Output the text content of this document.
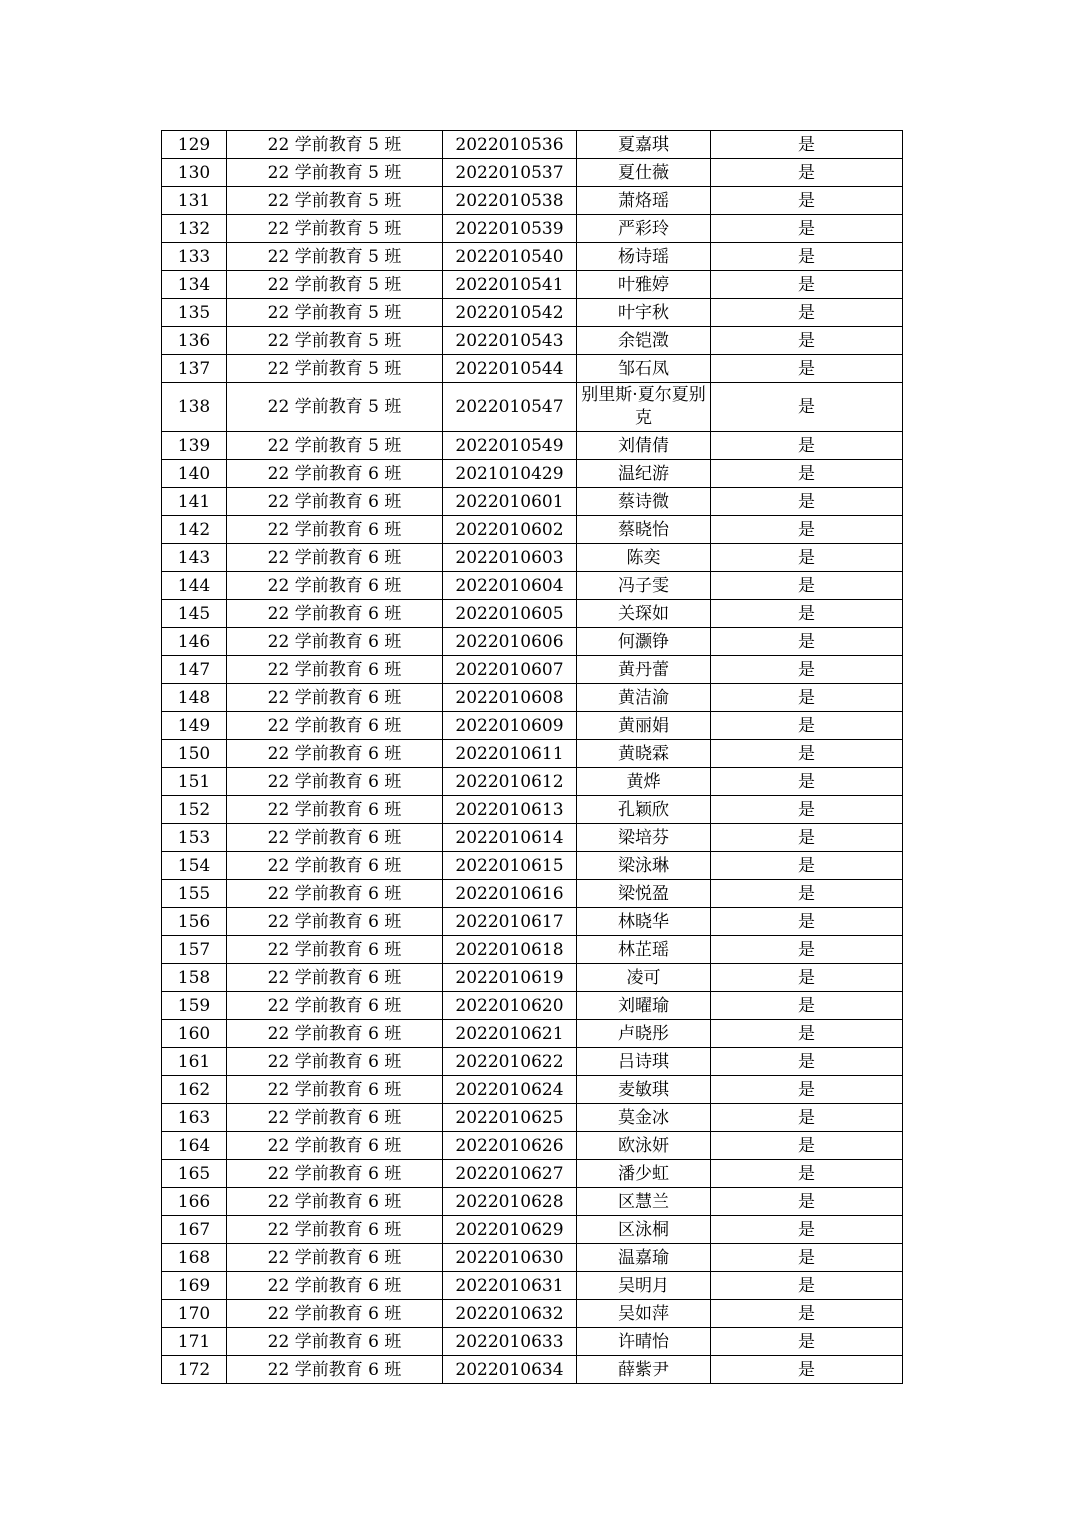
129	22 学前教育 5 班	2022010536	夏嘉琪	是
130	22 学前教育 5 班	2022010537	夏仕薇	是
131	22 学前教育 5 班	2022010538	萧烙瑶	是
132	22 学前教育 5 班	2022010539	严彩玲	是
133	22 学前教育 5 班	2022010540	杨诗瑶	是
134	22 学前教育 5 班	2022010541	叶雅婷	是
135	22 学前教育 5 班	2022010542	叶宇秋	是
136	22 学前教育 5 班	2022010543	余铠澂	是
137	22 学前教育 5 班	2022010544	邹石凤	是
138	22 学前教育 5 班	2022010547	别里斯·夏尔夏别克	是
139	22 学前教育 5 班	2022010549	刘倩倩	是
140	22 学前教育 6 班	2021010429	温纪游	是
141	22 学前教育 6 班	2022010601	蔡诗微	是
142	22 学前教育 6 班	2022010602	蔡晓怡	是
143	22 学前教育 6 班	2022010603	陈奕	是
144	22 学前教育 6 班	2022010604	冯子雯	是
145	22 学前教育 6 班	2022010605	关琛如	是
146	22 学前教育 6 班	2022010606	何灏铮	是
147	22 学前教育 6 班	2022010607	黄丹蕾	是
148	22 学前教育 6 班	2022010608	黄洁渝	是
149	22 学前教育 6 班	2022010609	黄丽娟	是
150	22 学前教育 6 班	2022010611	黄晓霖	是
151	22 学前教育 6 班	2022010612	黄烨	是
152	22 学前教育 6 班	2022010613	孔颖欣	是
153	22 学前教育 6 班	2022010614	梁培芬	是
154	22 学前教育 6 班	2022010615	梁泳琳	是
155	22 学前教育 6 班	2022010616	梁悦盈	是
156	22 学前教育 6 班	2022010617	林晓华	是
157	22 学前教育 6 班	2022010618	林芷瑶	是
158	22 学前教育 6 班	2022010619	凌可	是
159	22 学前教育 6 班	2022010620	刘曜瑜	是
160	22 学前教育 6 班	2022010621	卢晓彤	是
161	22 学前教育 6 班	2022010622	吕诗琪	是
162	22 学前教育 6 班	2022010624	麦敏琪	是
163	22 学前教育 6 班	2022010625	莫金冰	是
164	22 学前教育 6 班	2022010626	欧泳妍	是
165	22 学前教育 6 班	2022010627	潘少虹	是
166	22 学前教育 6 班	2022010628	区慧兰	是
167	22 学前教育 6 班	2022010629	区泳桐	是
168	22 学前教育 6 班	2022010630	温嘉瑜	是
169	22 学前教育 6 班	2022010631	吴明月	是
170	22 学前教育 6 班	2022010632	吴如萍	是
171	22 学前教育 6 班	2022010633	许晴怡	是
172	22 学前教育 6 班	2022010634	薛紫尹	是
